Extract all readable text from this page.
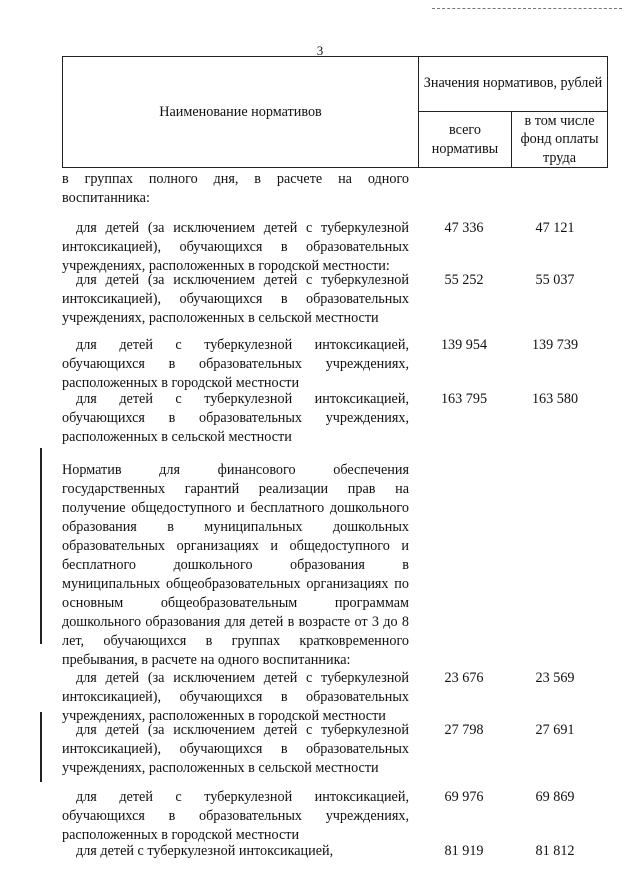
3
Наименование нормативов
Значения нормативов, рублей
всего нормативы
в том числе фонд оплаты труда
в группах полного дня, в расчете на одного воспитанника:
для детей (за исключением детей с туберкулезной интоксикацией), обучающихся в образовательных учреждениях, расположенных в городской местности:
47 336	47 121
для детей (за исключением детей с туберкулезной интоксикацией), обучающихся в образовательных учреждениях, расположенных в сельской местности
55 252	55 037
для детей с туберкулезной интоксикацией, обучающихся в образовательных учреждениях, расположенных в городской местности
139 954	139 739
для детей с туберкулезной интоксикацией, обучающихся в образовательных учреждениях, расположенных в сельской местности
163 795	163 580
Норматив для финансового обеспечения государственных гарантий реализации прав на получение общедоступного и бесплатного дошкольного образования в муниципальных дошкольных образовательных организациях и общедоступного и бесплатного дошкольного образования в муниципальных общеобразовательных организациях по основным общеобразовательным программам дошкольного образования для детей в возрасте от 3 до 8 лет, обучающихся в группах кратковременного пребывания, в расчете на одного воспитанника:
для детей (за исключением детей с туберкулезной интоксикацией), обучающихся в образовательных учреждениях, расположенных в городской местности
23 676	23 569
для детей (за исключением детей с туберкулезной интоксикацией), обучающихся в образовательных учреждениях, расположенных в сельской местности
27 798	27 691
для детей с туберкулезной интоксикацией, обучающихся в образовательных учреждениях, расположенных в городской местности
69 976	69 869
для детей с туберкулезной интоксикацией,	81 919	81 812
